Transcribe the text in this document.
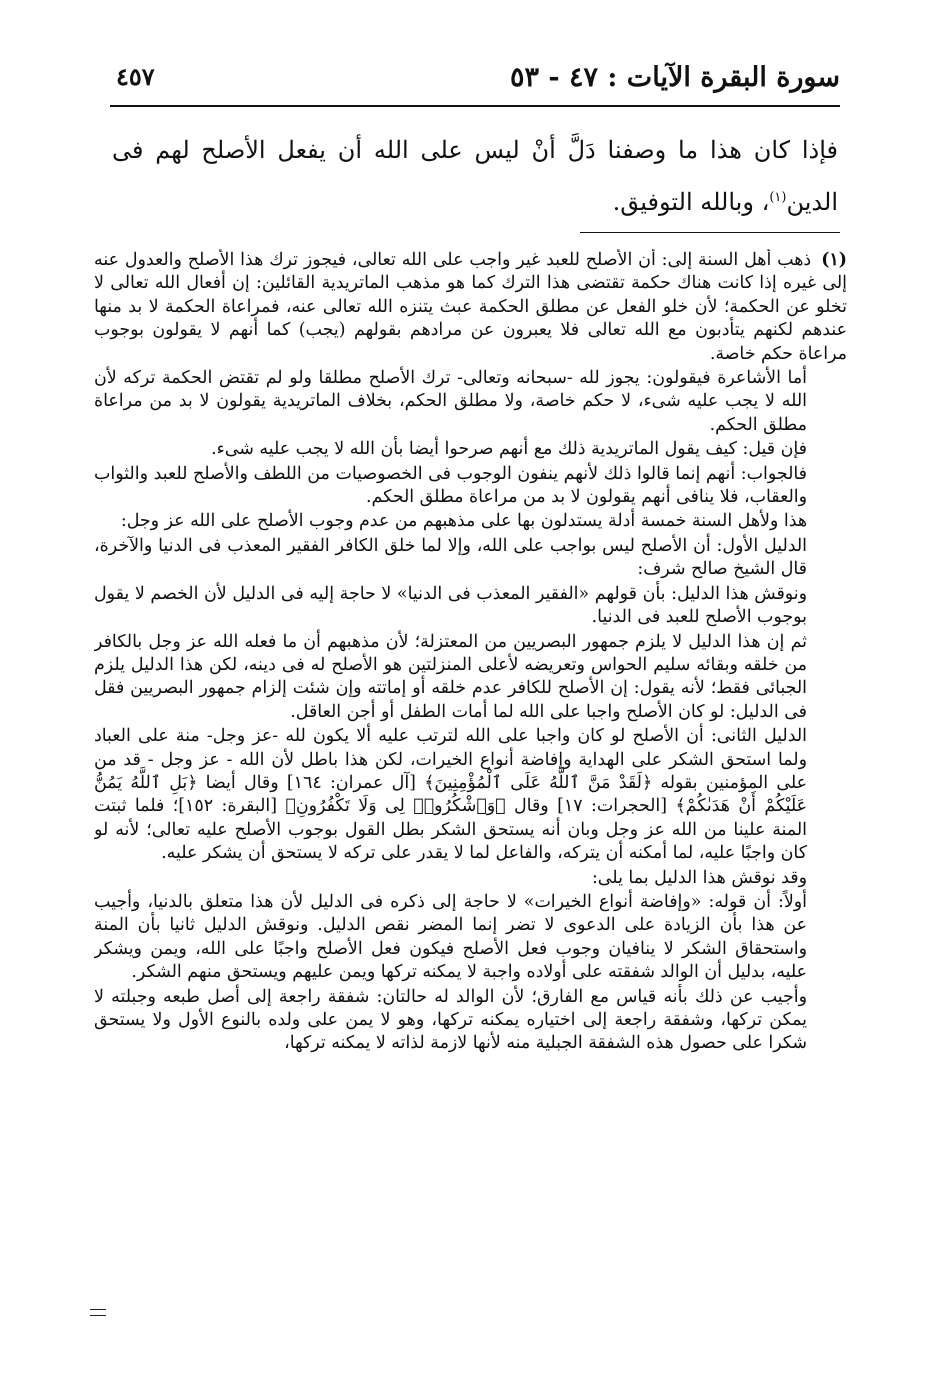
سورة البقرة الآيات : ٤٧ - ٥٣
٤٥٧

فإذا كان هذا ما وصفنا دَلَّ أنْ ليس على الله أن يفعل الأصلح لهم فى الدين$^{(١)}$، وبالله التوفيق.

(١)ذهب أهل السنة إلى: أن الأصلح للعبد غير واجب على الله تعالى، فيجوز ترك هذا الأصلح والعدول عنه إلى غيره إذا كانت هناك حكمة تقتضى هذا الترك كما هو مذهب الماتريدية القائلين: إن أفعال الله تعالى لا تخلو عن الحكمة؛ لأن خلو الفعل عن مطلق الحكمة عبث يتنزه الله تعالى عنه، فمراعاة الحكمة لا بد منها عندهم لكنهم يتأدبون مع الله تعالى فلا يعبرون عن مرادهم بقولهم (يجب) كما أنهم لا يقولون بوجوب مراعاة حكم خاصة.

أما الأشاعرة فيقولون: يجوز لله -سبحانه وتعالى- ترك الأصلح مطلقا ولو لم تقتض الحكمة تركه لأن الله لا يجب عليه شىء، لا حكم خاصة، ولا مطلق الحكم، بخلاف الماتريدية يقولون لا بد من مراعاة مطلق الحكم.

فإن قيل: كيف يقول الماتريدية ذلك مع أنهم صرحوا أيضا بأن الله لا يجب عليه شىء.

فالجواب: أنهم إنما قالوا ذلك لأنهم ينفون الوجوب فى الخصوصيات من اللطف والأصلح للعبد والثواب والعقاب، فلا ينافى أنهم يقولون لا بد من مراعاة مطلق الحكم.

هذا ولأهل السنة خمسة أدلة يستدلون بها على مذهبهم من عدم وجوب الأصلح على الله عز وجل:

الدليل الأول: أن الأصلح ليس بواجب على الله، وإلا لما خلق الكافر الفقير المعذب فى الدنيا والآخرة، قال الشيخ صالح شرف:

ونوقش هذا الدليل: بأن قولهم «الفقير المعذب فى الدنيا» لا حاجة إليه فى الدليل لأن الخصم لا يقول بوجوب الأصلح للعبد فى الدنيا.

ثم إن هذا الدليل لا يلزم جمهور البصريين من المعتزلة؛ لأن مذهبهم أن ما فعله الله عز وجل بالكافر من خلقه وبقائه سليم الحواس وتعريضه لأعلى المنزلتين هو الأصلح له فى دينه، لكن هذا الدليل يلزم الجبائى فقط؛ لأنه يقول: إن الأصلح للكافر عدم خلقه أو إماتته وإن شئت إلزام جمهور البصريين فقل فى الدليل: لو كان الأصلح واجبا على الله لما أمات الطفل أو أجن العاقل.

الدليل الثانى: أن الأصلح لو كان واجبا على الله لترتب عليه ألا يكون لله -عز وجل- منة على العباد ولما استحق الشكر على الهداية وإفاضة أنواع الخيرات، لكن هذا باطل لأن الله - عز وجل - قد من على المؤمنين بقوله ﴿لَقَدْ مَنَّ ٱللَّهُ عَلَى ٱلْمُؤْمِنِينَ﴾ [آل عمران: ١٦٤] وقال أيضا ﴿بَلِ ٱللَّهُ يَمُنُّ عَلَيْكُمْ أَنْ هَدَىٰكُمْ﴾ [الحجرات: ١٧] وقال ﴿وَٱشْكُرُوا۟ لِى وَلَا تَكْفُرُونِ﴾ [البقرة: ١٥٢]؛ فلما ثبتت المنة علينا من الله عز وجل وبان أنه يستحق الشكر بطل القول بوجوب الأصلح عليه تعالى؛ لأنه لو كان واجبًا عليه، لما أمكنه أن يتركه، والفاعل لما لا يقدر على تركه لا يستحق أن يشكر عليه.

وقد نوقش هذا الدليل بما يلى:

أولاً: أن قوله: «وإفاضة أنواع الخيرات» لا حاجة إلى ذكره فى الدليل لأن هذا متعلق بالدنيا، وأجيب عن هذا بأن الزيادة على الدعوى لا تضر إنما المضر نقص الدليل. ونوقش الدليل ثانيا بأن المنة واستحقاق الشكر لا ينافيان وجوب فعل الأصلح فيكون فعل الأصلح واجبًا على الله، ويمن ويشكر عليه، بدليل أن الوالد شفقته على أولاده واجبة لا يمكنه تركها ويمن عليهم ويستحق منهم الشكر.

وأجيب عن ذلك بأنه قياس مع الفارق؛ لأن الوالد له حالتان: شفقة راجعة إلى أصل طبعه وجبلته لا يمكن تركها، وشفقة راجعة إلى اختياره يمكنه تركها، وهو لا يمن على ولده بالنوع الأول ولا يستحق شكرا على حصول هذه الشفقة الجبلية منه لأنها لازمة لذاته لا يمكنه تركها،
